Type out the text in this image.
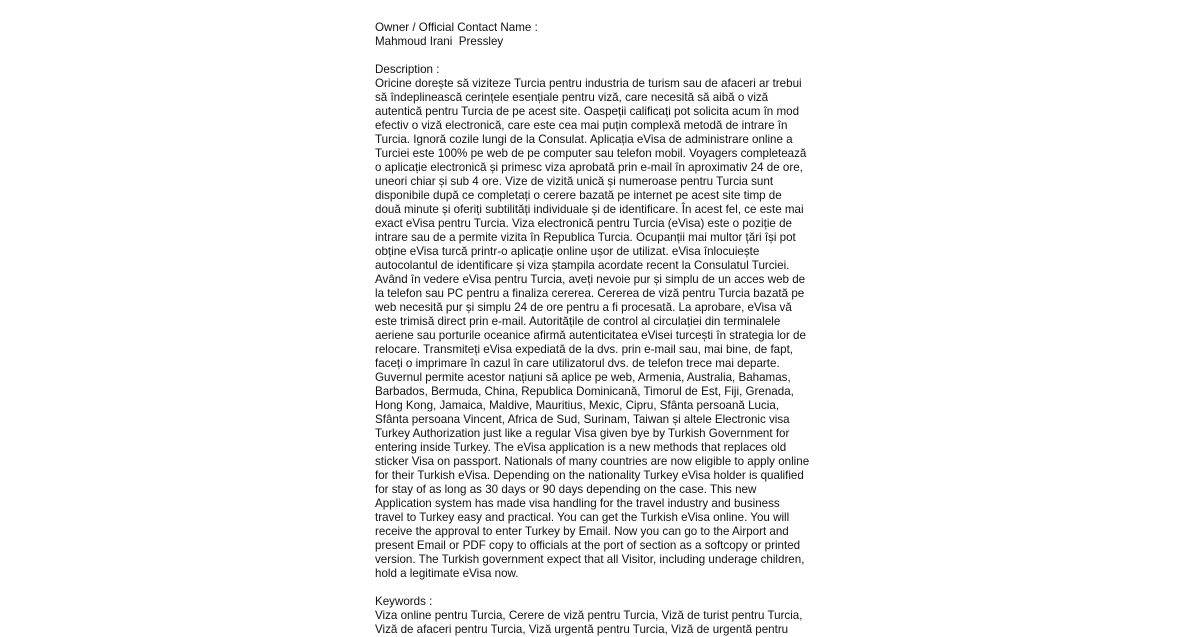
Owner / Official Contact Name :
Mahmoud Irani  Pressley
Description :
Oricine dorește să viziteze Turcia pentru industria de turism sau de afaceri ar trebui
să îndeplinească cerințele esențiale pentru viză, care necesită să aibă o viză
autentică pentru Turcia de pe acest site. Oaspeții calificați pot solicita acum în mod
efectiv o viză electronică, care este cea mai puțin complexă metodă de intrare în
Turcia. Ignoră cozile lungi de la Consulat. Aplicația eVisa de administrare online a
Turciei este 100% pe web de pe computer sau telefon mobil. Voyagers completează
o aplicație electronică și primesc viza aprobată prin e-mail în aproximativ 24 de ore,
uneori chiar și sub 4 ore. Vize de vizită unică și numeroase pentru Turcia sunt
disponibile după ce completați o cerere bazată pe internet pe acest site timp de
două minute și oferiți subtilități individuale și de identificare. În acest fel, ce este mai
exact eVisa pentru Turcia. Viza electronică pentru Turcia (eVisa) este o poziție de
intrare sau de a permite vizita în Republica Turcia. Ocupanții mai multor țări își pot
obține eVisa turcă printr-o aplicație online ușor de utilizat. eVisa înlocuiește
autocolantul de identificare și viza ștampila acordate recent la Consulatul Turciei.
Având în vedere eVisa pentru Turcia, aveți nevoie pur și simplu de un acces web de
la telefon sau PC pentru a finaliza cererea. Cererea de viză pentru Turcia bazată pe
web necesită pur și simplu 24 de ore pentru a fi procesată. La aprobare, eVisa vă
este trimisă direct prin e-mail. Autoritățile de control al circulației din terminalele
aeriene sau porturile oceanice afirmă autenticitatea eVisei turcești în strategia lor de
relocare. Transmiteți eVisa expediată de la dvs. prin e-mail sau, mai bine, de fapt,
faceți o imprimare în cazul în care utilizatorul dvs. de telefon trece mai departe.
Guvernul permite acestor națiuni să aplice pe web, Armenia, Australia, Bahamas,
Barbados, Bermuda, China, Republica Dominicană, Timorul de Est, Fiji, Grenada,
Hong Kong, Jamaica, Maldive, Mauritius, Mexic, Cipru, Sfânta persoană Lucia,
Sfânta persoana Vincent, Africa de Sud, Surinam, Taiwan și altele Electronic visa
Turkey Authorization just like a regular Visa given bye by Turkish Government for
entering inside Turkey. The eVisa application is a new methods that replaces old
sticker Visa on passport. Nationals of many countries are now eligible to apply online
for their Turkish eVisa. Depending on the nationality Turkey eVisa holder is qualified
for stay of as long as 30 days or 90 days depending on the case. This new
Application system has made visa handling for the travel industry and business
travel to Turkey easy and practical. You can get the Turkish eVisa online. You will
receive the approval to enter Turkey by Email. Now you can go to the Airport and
present Email or PDF copy to officials at the port of section as a softcopy or printed
version. The Turkish government expect that all Visitor, including underage children,
hold a legitimate eVisa now.
Keywords :
Viza online pentru Turcia, Cerere de viză pentru Turcia, Viză de turist pentru Turcia,
Viză de afaceri pentru Turcia, Viză urgentă pentru Turcia, Viză de urgentă pentru
